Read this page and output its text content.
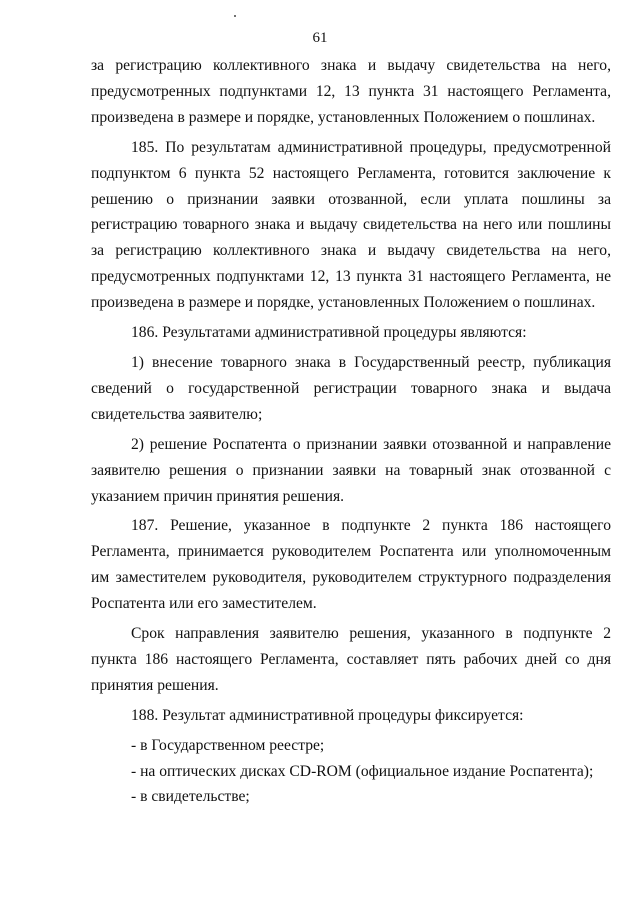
61

за регистрацию коллективного знака и выдачу свидетельства на него, предусмотренных подпунктами 12, 13 пункта 31 настоящего Регламента, произведена в размере и порядке, установленных Положением о пошлинах.

185. По результатам административной процедуры, предусмотренной подпунктом 6 пункта 52 настоящего Регламента, готовится заключение к решению о признании заявки отозванной, если уплата пошлины за регистрацию товарного знака и выдачу свидетельства на него или пошлины за регистрацию коллективного знака и выдачу свидетельства на него, предусмотренных подпунктами 12, 13 пункта 31 настоящего Регламента, не произведена в размере и порядке, установленных Положением о пошлинах.

186. Результатами административной процедуры являются:

1) внесение товарного знака в Государственный реестр, публикация сведений о государственной регистрации товарного знака и выдача свидетельства заявителю;

2) решение Роспатента о признании заявки отозванной и направление заявителю решения о признании заявки на товарный знак отозванной с указанием причин принятия решения.

187. Решение, указанное в подпункте 2 пункта 186 настоящего Регламента, принимается руководителем Роспатента или уполномоченным им заместителем руководителя, руководителем структурного подразделения Роспатента или его заместителем.

Срок направления заявителю решения, указанного в подпункте 2 пункта 186 настоящего Регламента, составляет пять рабочих дней со дня принятия решения.

188. Результат административной процедуры фиксируется:

- в Государственном реестре;

- на оптических дисках CD-ROM (официальное издание Роспатента);

- в свидетельстве;
